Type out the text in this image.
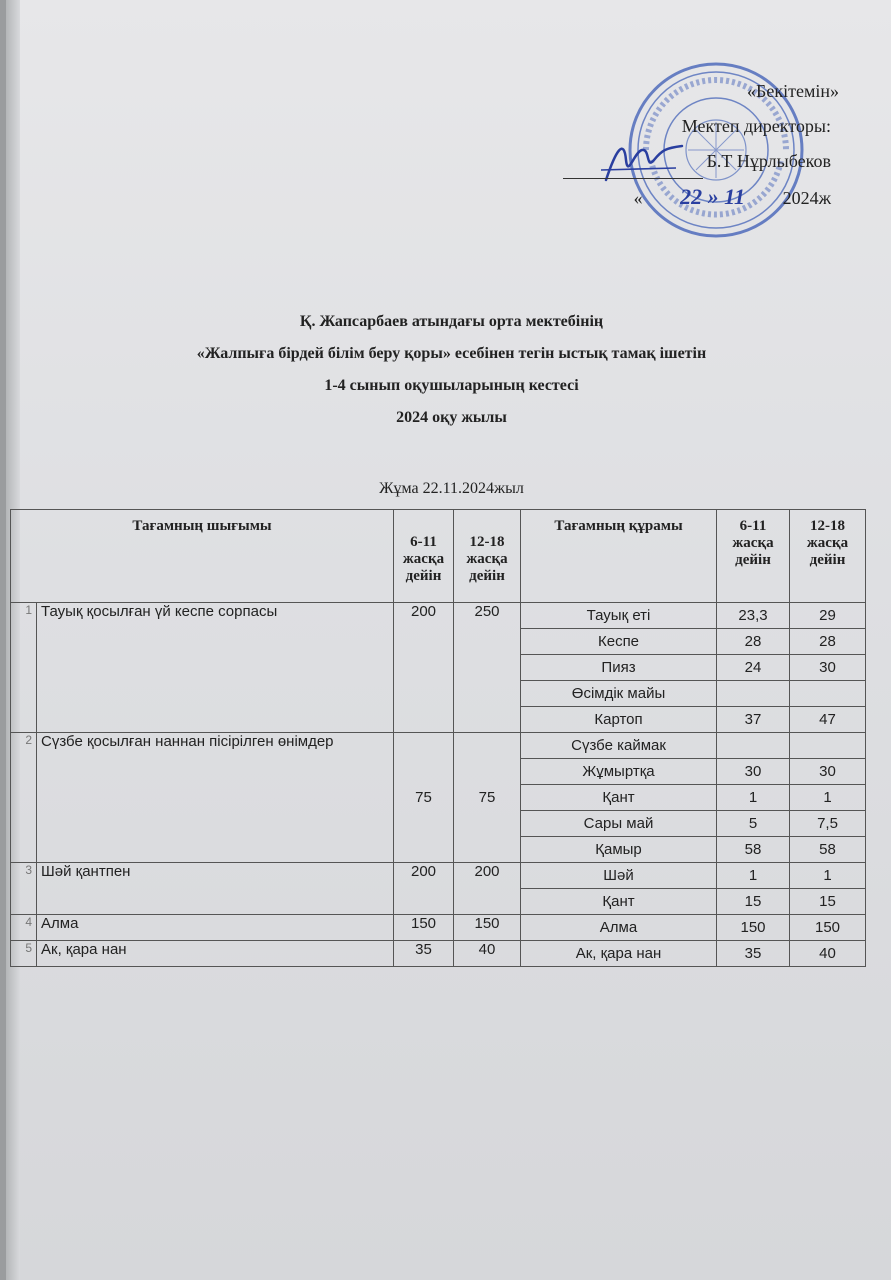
«Бекітемін»
Мектеп директоры:
Б.Т Нұрлыбеков
« 22 » 11 2024ж
Қ. Жапсарбаев атындағы орта мектебінің
«Жалпыға бірдей білім беру қоры» есебінен тегін ыстық тамақ ішетін
1-4 сынып оқушыларының кестесі
2024 оқу жылы
Жұма 22.11.2024жыл
Тағамның шығымы		6-11 жасқа дейін	12-18 жасқа дейін	Тағамның құрамы	6-11 жасқа дейін	12-18 жасқа дейін
1	Тауық қосылған үй кеспе сорпасы	200	250	Тауық еті	23,3	29
				Кеспе	28	28
				Пияз	24	30
				Өсімдік майы		
				Картоп	37	47
2	Сүзбе қосылған наннан пісірілген өнімдер	75	75	Сүзбе каймак		
				Жұмыртқа	30	30
				Қант	1	1
				Сары май	5	7,5
				Қамыр	58	58
3	Шәй қантпен	200	200	Шәй	1	1
				Қант	15	15
4	Алма	150	150	Алма	150	150
5	Ак, қара нан	35	40	Ак, қара нан	35	40
